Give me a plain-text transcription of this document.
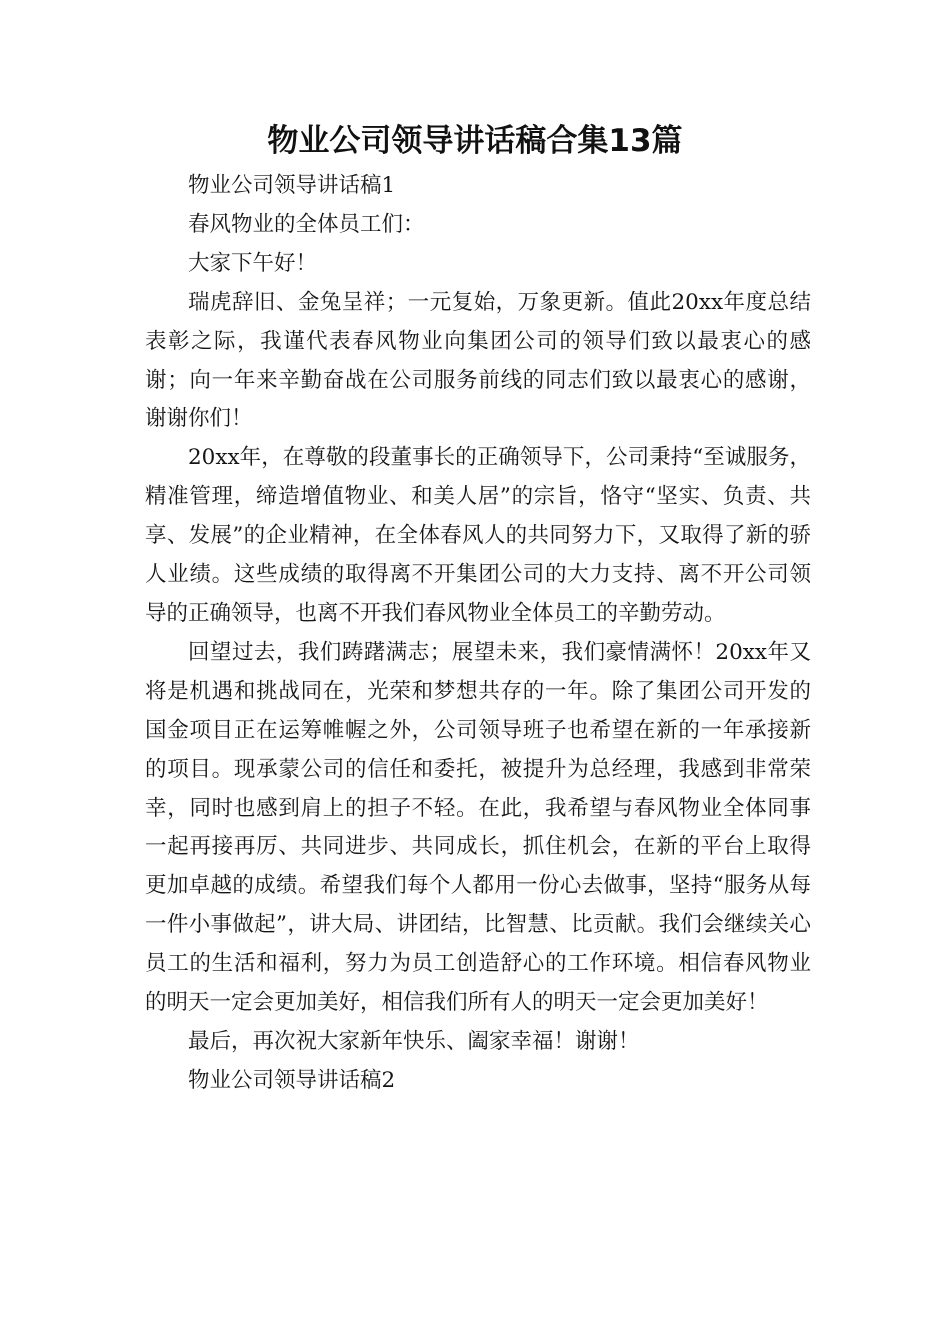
物业公司领导讲话稿合集13篇

物业公司领导讲话稿1

春风物业的全体员工们：

大家下午好！

瑞虎辞旧、金兔呈祥；一元复始，万象更新。值此20xx年度总结表彰之际，我谨代表春风物业向集团公司的领导们致以最衷心的感谢；向一年来辛勤奋战在公司服务前线的同志们致以最衷心的感谢，谢谢你们！

20xx年，在尊敬的段董事长的正确领导下，公司秉持“至诚服务，精准管理，缔造增值物业、和美人居”的宗旨，恪守“坚实、负责、共享、发展”的企业精神，在全体春风人的共同努力下，又取得了新的骄人业绩。这些成绩的取得离不开集团公司的大力支持、离不开公司领导的正确领导，也离不开我们春风物业全体员工的辛勤劳动。

回望过去，我们踌躇满志；展望未来，我们豪情满怀！20xx年又将是机遇和挑战同在，光荣和梦想共存的一年。除了集团公司开发的国金项目正在运筹帷幄之外，公司领导班子也希望在新的一年承接新的项目。现承蒙公司的信任和委托，被提升为总经理，我感到非常荣幸，同时也感到肩上的担子不轻。在此，我希望与春风物业全体同事一起再接再厉、共同进步、共同成长，抓住机会，在新的平台上取得更加卓越的成绩。希望我们每个人都用一份心去做事，坚持“服务从每一件小事做起”，讲大局、讲团结，比智慧、比贡献。我们会继续关心员工的生活和福利，努力为员工创造舒心的工作环境。相信春风物业的明天一定会更加美好，相信我们所有人的明天一定会更加美好！

最后，再次祝大家新年快乐、阖家幸福！谢谢！

物业公司领导讲话稿2
